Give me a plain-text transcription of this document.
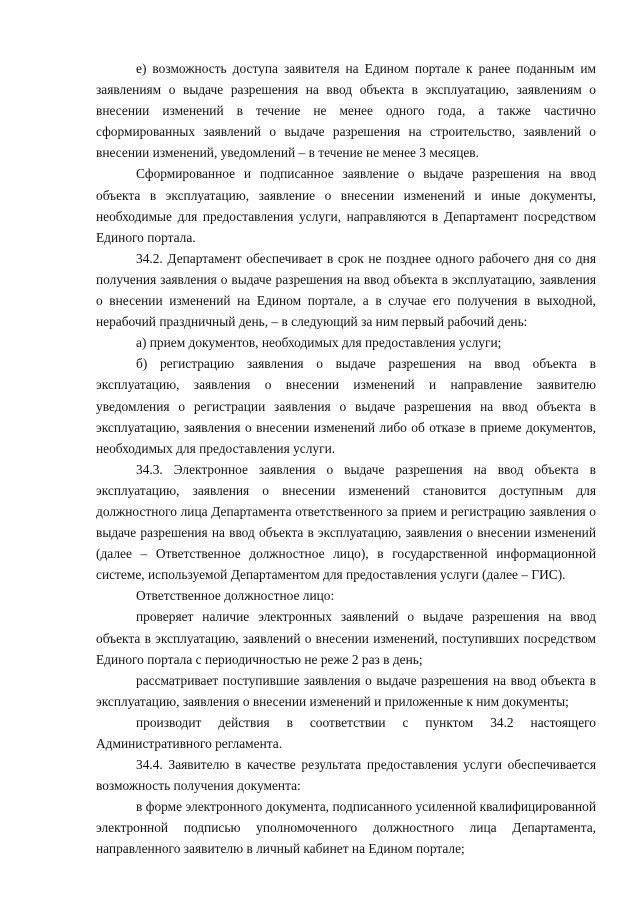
е) возможность доступа заявителя на Едином портале к ранее поданным им заявлениям о выдаче разрешения на ввод объекта в эксплуатацию, заявлениям о внесении изменений в течение не менее одного года, а также частично сформированных заявлений о выдаче разрешения на строительство, заявлений о внесении изменений, уведомлений – в течение не менее 3 месяцев.

Сформированное и подписанное заявление о выдаче разрешения на ввод объекта в эксплуатацию, заявление о внесении изменений и иные документы, необходимые для предоставления услуги, направляются в Департамент посредством Единого портала.

34.2. Департамент обеспечивает в срок не позднее одного рабочего дня со дня получения заявления о выдаче разрешения на ввод объекта в эксплуатацию, заявления о внесении изменений на Едином портале, а в случае его получения в выходной, нерабочий праздничный день, – в следующий за ним первый рабочий день:

а) прием документов, необходимых для предоставления услуги;

б) регистрацию заявления о выдаче разрешения на ввод объекта в эксплуатацию, заявления о внесении изменений и направление заявителю уведомления о регистрации заявления о выдаче разрешения на ввод объекта в эксплуатацию, заявления о внесении изменений либо об отказе в приеме документов, необходимых для предоставления услуги.

34.3. Электронное заявления о выдаче разрешения на ввод объекта в эксплуатацию, заявления о внесении изменений становится доступным для должностного лица Департамента ответственного за прием и регистрацию заявления о выдаче разрешения на ввод объекта в эксплуатацию, заявления о внесении изменений (далее – Ответственное должностное лицо), в государственной информационной системе, используемой Департаментом для предоставления услуги (далее – ГИС).

Ответственное должностное лицо:

проверяет наличие электронных заявлений о выдаче разрешения на ввод объекта в эксплуатацию, заявлений о внесении изменений, поступивших посредством Единого портала с периодичностью не реже 2 раз в день;

рассматривает поступившие заявления о выдаче разрешения на ввод объекта в эксплуатацию, заявления о внесении изменений и приложенные к ним документы;

производит действия в соответствии с пунктом 34.2 настоящего Административного регламента.

34.4. Заявителю в качестве результата предоставления услуги обеспечивается возможность получения документа:

в форме электронного документа, подписанного усиленной квалифицированной электронной подписью уполномоченного должностного лица Департамента, направленного заявителю в личный кабинет на Едином портале;
